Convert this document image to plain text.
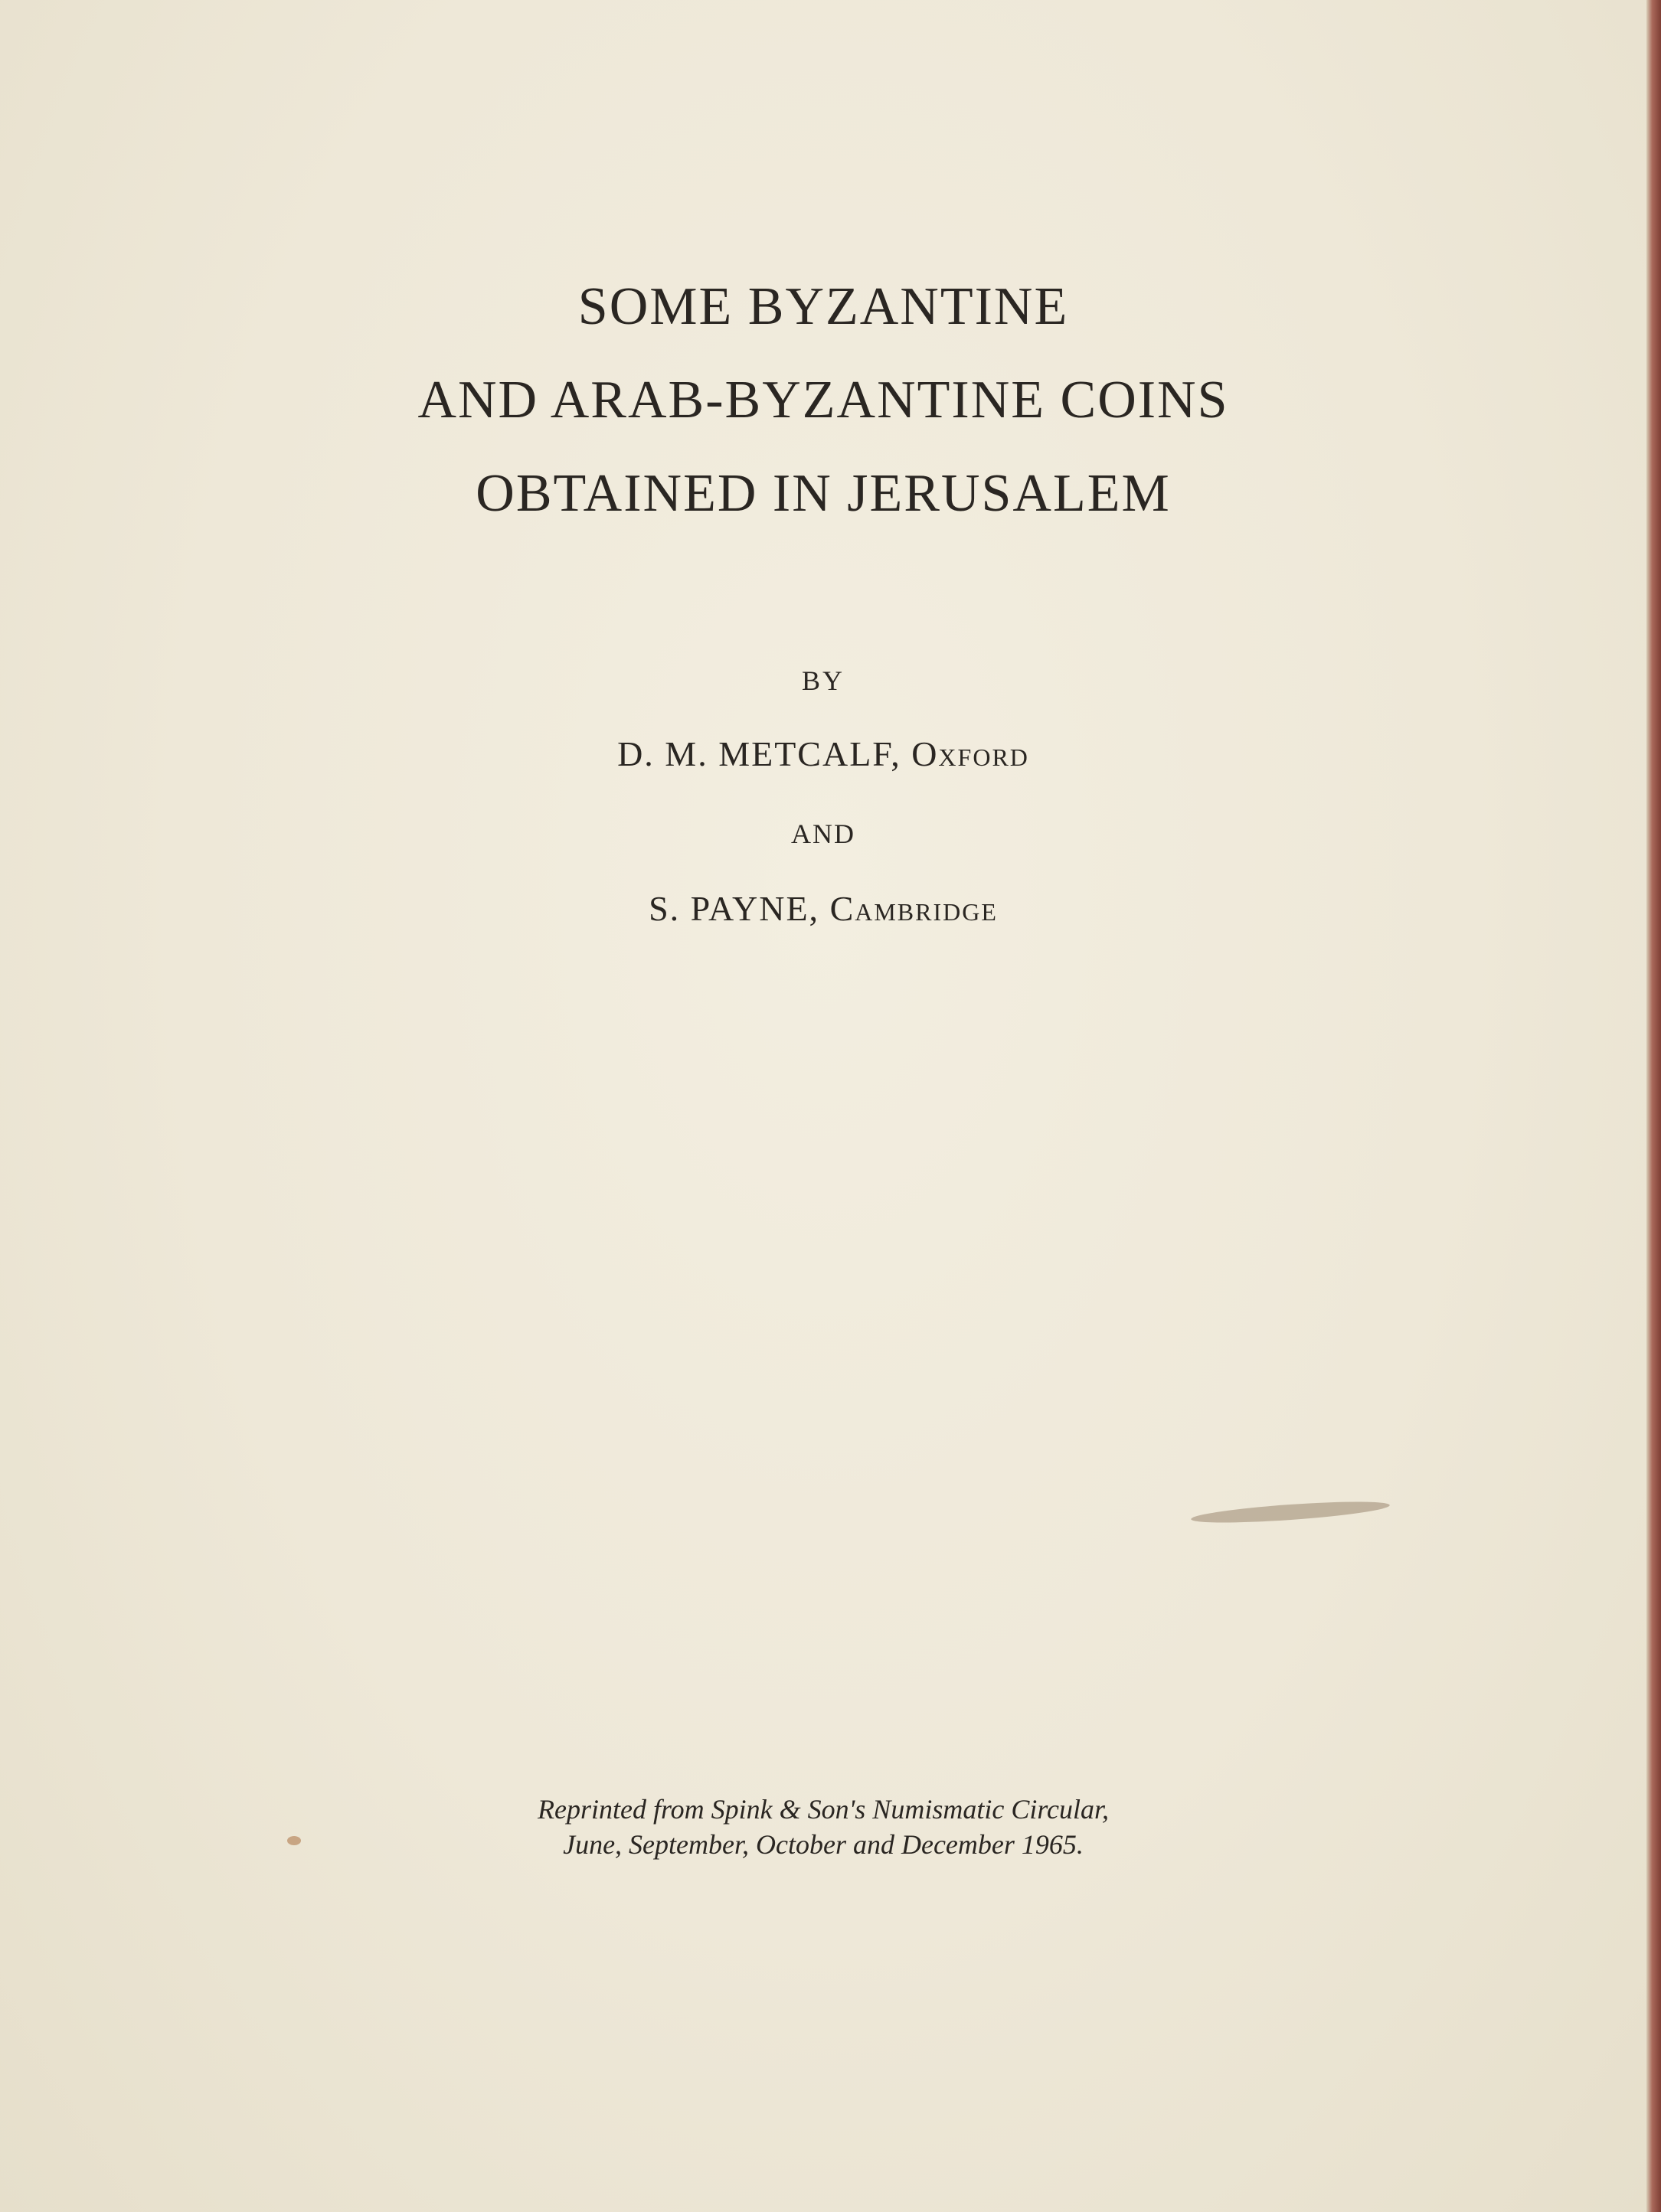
SOME BYZANTINE
AND ARAB-BYZANTINE COINS
OBTAINED IN JERUSALEM

BY

D. M. METCALF, Oxford

AND

S. PAYNE, Cambridge

Reprinted from Spink & Son's Numismatic Circular,
June, September, October and December 1965.
